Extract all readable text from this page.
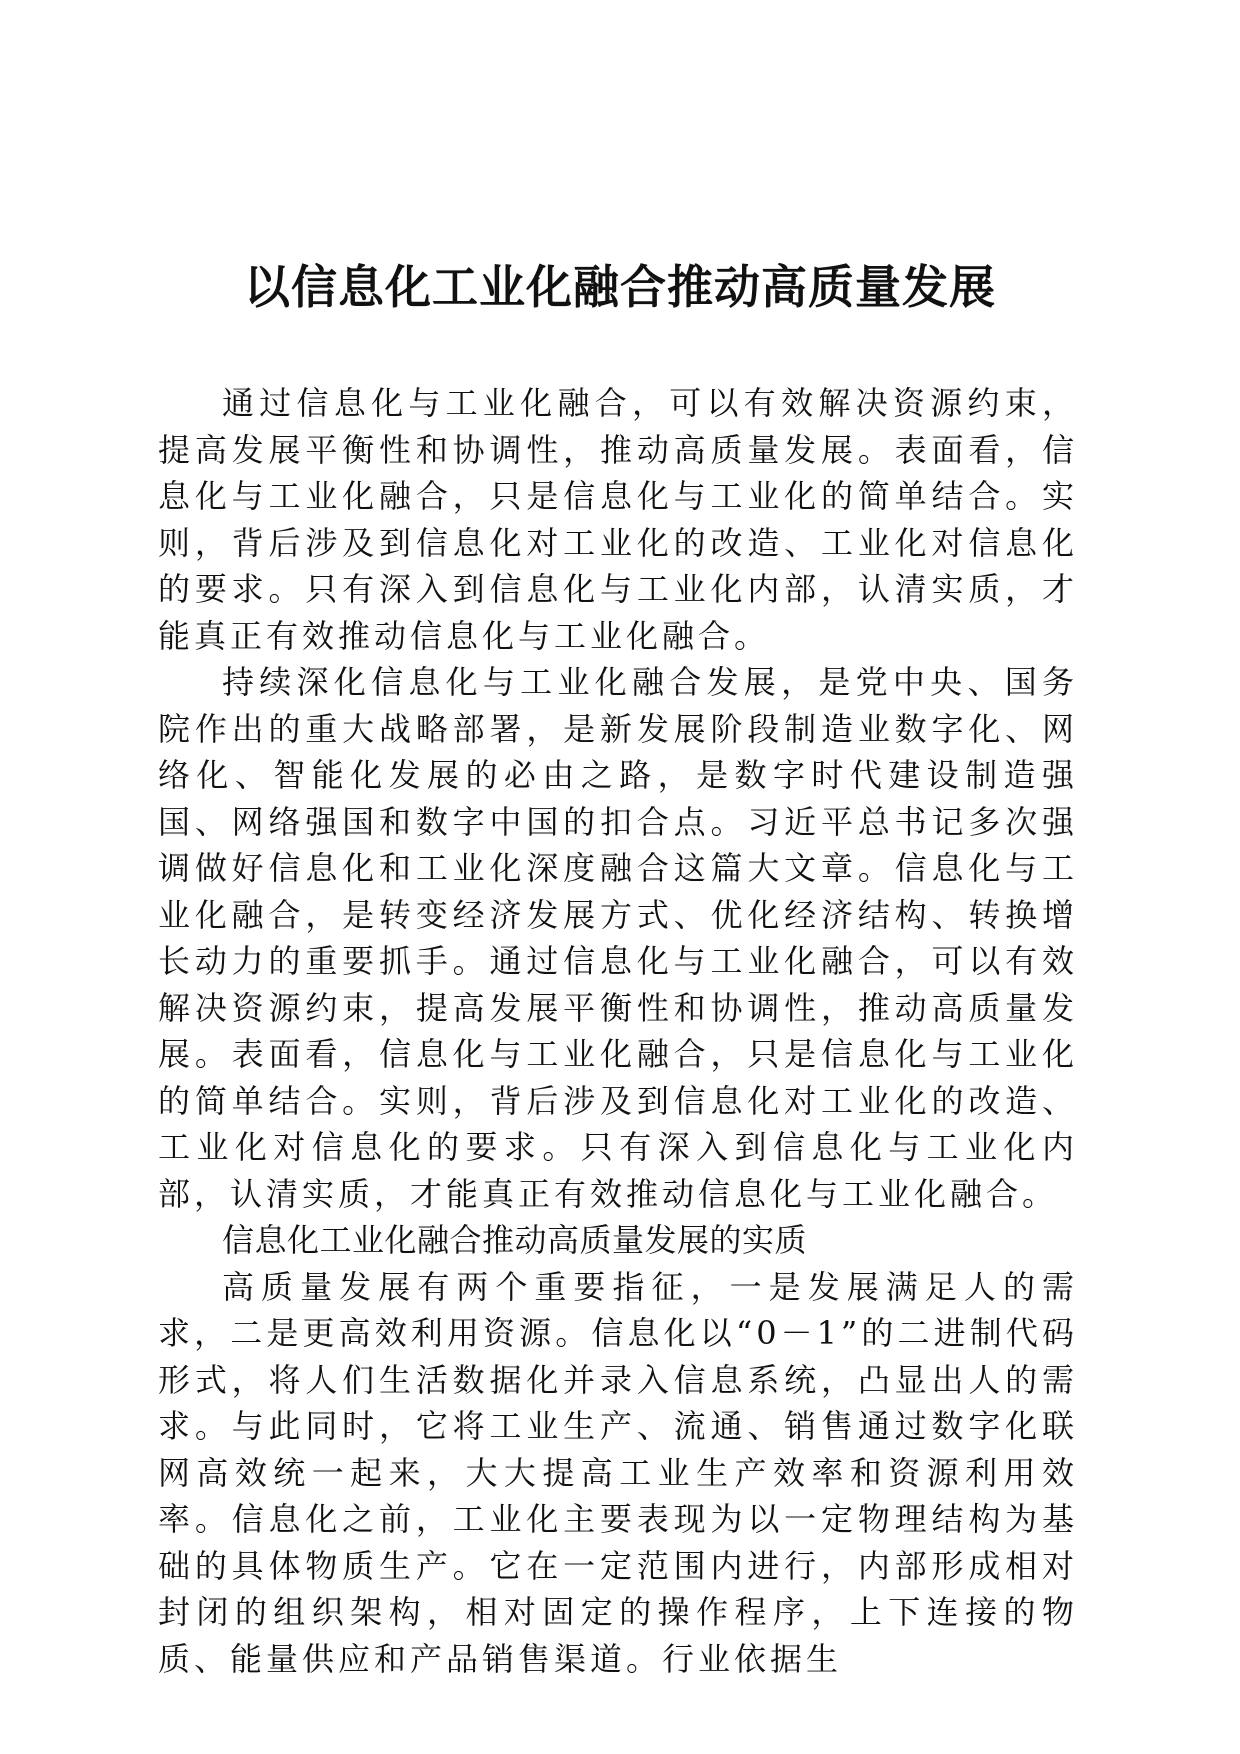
以信息化工业化融合推动高质量发展

通过信息化与工业化融合，可以有效解决资源约束，提高发展平衡性和协调性，推动高质量发展。表面看，信息化与工业化融合，只是信息化与工业化的简单结合。实则，背后涉及到信息化对工业化的改造、工业化对信息化的要求。只有深入到信息化与工业化内部，认清实质，才能真正有效推动信息化与工业化融合。

持续深化信息化与工业化融合发展，是党中央、国务院作出的重大战略部署，是新发展阶段制造业数字化、网络化、智能化发展的必由之路，是数字时代建设制造强国、网络强国和数字中国的扣合点。习近平总书记多次强调做好信息化和工业化深度融合这篇大文章。信息化与工业化融合，是转变经济发展方式、优化经济结构、转换增长动力的重要抓手。通过信息化与工业化融合，可以有效解决资源约束，提高发展平衡性和协调性，推动高质量发展。表面看，信息化与工业化融合，只是信息化与工业化的简单结合。实则，背后涉及到信息化对工业化的改造、工业化对信息化的要求。只有深入到信息化与工业化内部，认清实质，才能真正有效推动信息化与工业化融合。

信息化工业化融合推动高质量发展的实质

高质量发展有两个重要指征，一是发展满足人的需求，二是更高效利用资源。信息化以“0－1”的二进制代码形式，将人们生活数据化并录入信息系统，凸显出人的需求。与此同时，它将工业生产、流通、销售通过数字化联网高效统一起来，大大提高工业生产效率和资源利用效率。信息化之前，工业化主要表现为以一定物理结构为基础的具体物质生产。它在一定范围内进行，内部形成相对封闭的组织架构，相对固定的操作程序，上下连接的物质、能量供应和产品销售渠道。行业依据生
